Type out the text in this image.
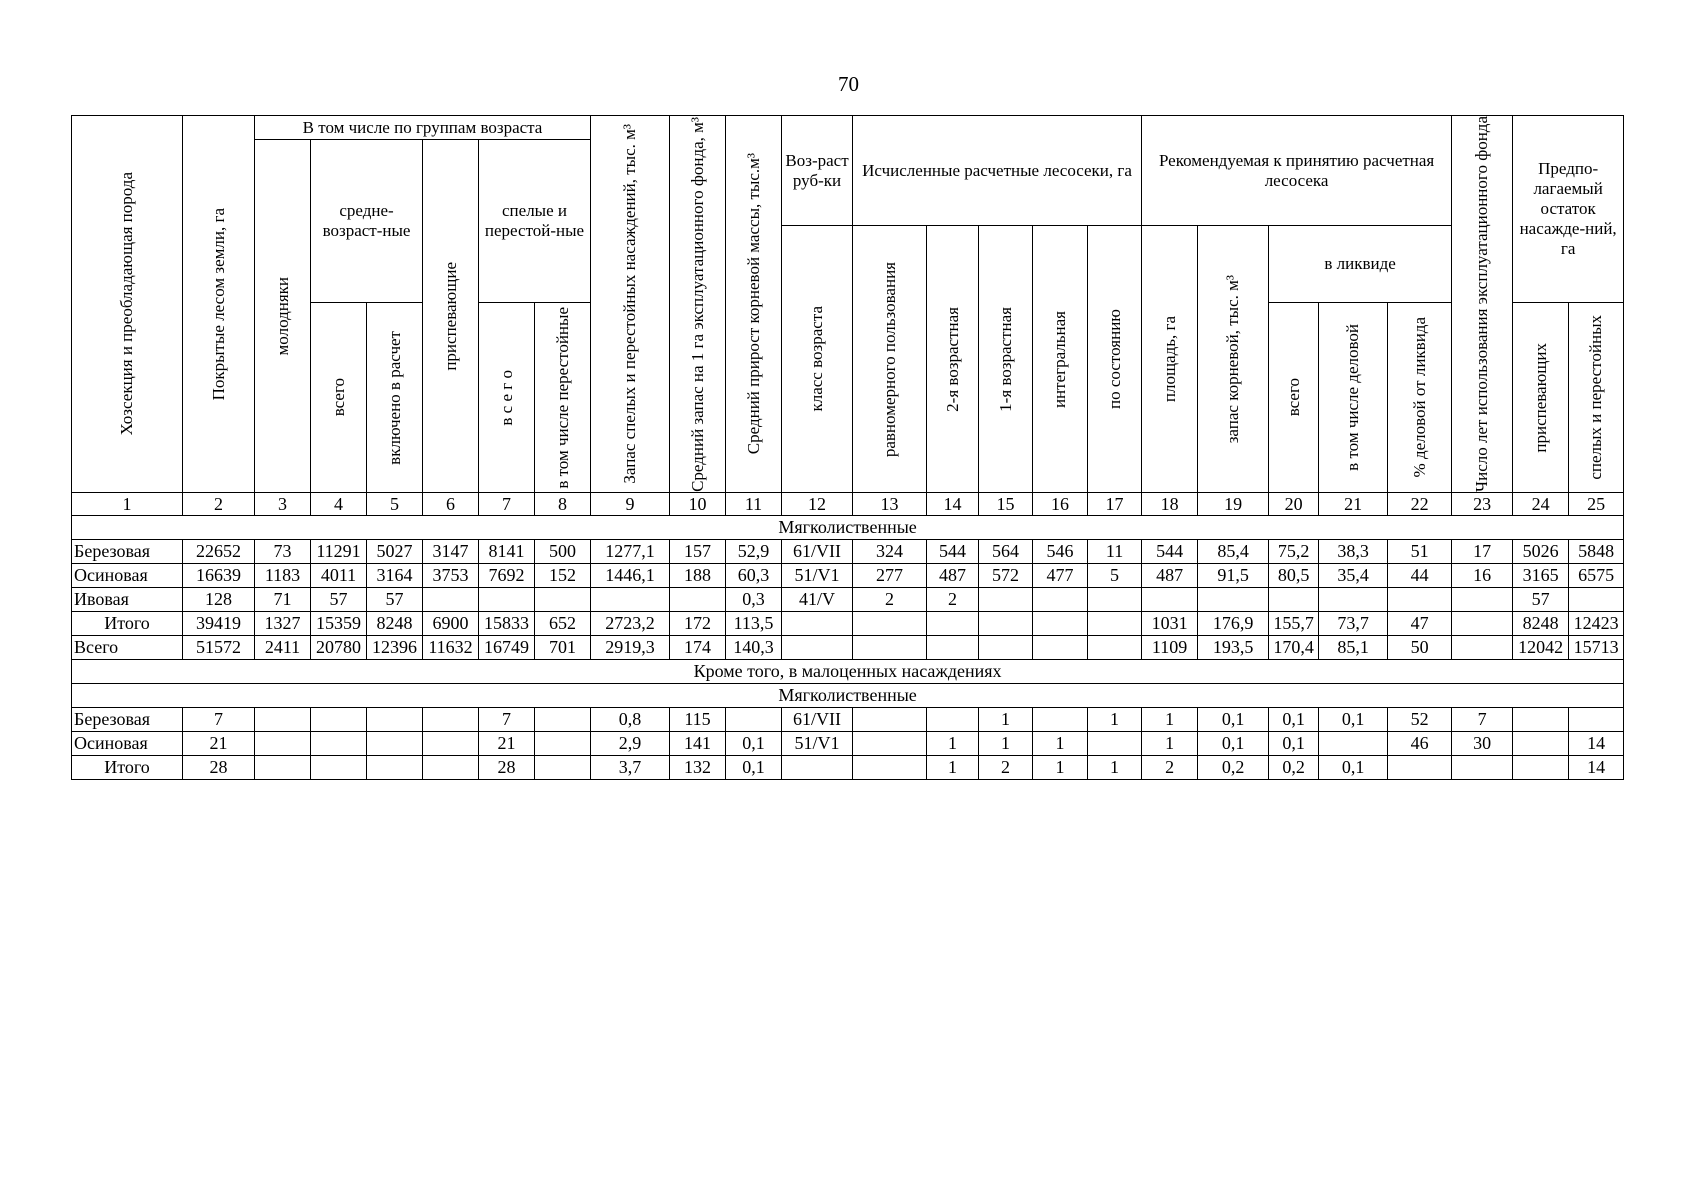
70
Хозсекция и преобладающая порода	Покрытые лесом земли, га	В том числе по группам возраста						Запас спелых и перестойных насаждений, тыс. м³	Средний запас на 1 га эксплуатационного фонда, м³	Средний прирост корневой массы, тыс.м³	Воз-раст руб-ки	Исчисленные расчетные лесосеки, га					Рекомендуемая к принятию расчетная лесосека					Число лет использования эксплуатационного фонда	Предпо-лагаемый остаток насажде-ний, га	

		молодняки	средне-возраст-ные		приспевающие	спелые и перестой-ные																		

											класс возраста	равномерного пользования	2-я возрастная	1-я возрастная	интегральная	по состоянию	площадь, га	запас корневой, тыс. м³	в ликвиде					

			всего	включено в расчет		в с е г о	в том числе перестойные												всего	в том числе деловой	% деловой от ликвида		приспевающих	спелых и перестойных

1	2	3	4	5	6	7	8	9	10	11	12	13	14	15	16	17	18	19	20	21	22	23	24	25
Мягколиственные																								
Березовая	22652	73	11291	5027	3147	8141	500	1277,1	157	52,9	61/VII	324	544	564	546	11	544	85,4	75,2	38,3	51	17	5026	5848
Осиновая	16639	1183	4011	3164	3753	7692	152	1446,1	188	60,3	51/V1	277	487	572	477	5	487	91,5	80,5	35,4	44	16	3165	6575
Ивовая	128	71	57	57						0,3	41/V	2	2										57	
Итого	39419	1327	15359	8248	6900	15833	652	2723,2	172	113,5							1031	176,9	155,7	73,7	47		8248	12423
Всего	51572	2411	20780	12396	11632	16749	701	2919,3	174	140,3							1109	193,5	170,4	85,1	50		12042	15713
Кроме того, в малоценных насаждениях																								
Мягколиственные																								
Березовая	7					7		0,8	115		61/VII			1		1	1	0,1	0,1	0,1	52	7		
Осиновая	21					21		2,9	141	0,1	51/V1		1	1	1		1	0,1	0,1		46	30		14
Итого	28					28		3,7	132	0,1			1	2	1	1	2	0,2	0,2	0,1				14
